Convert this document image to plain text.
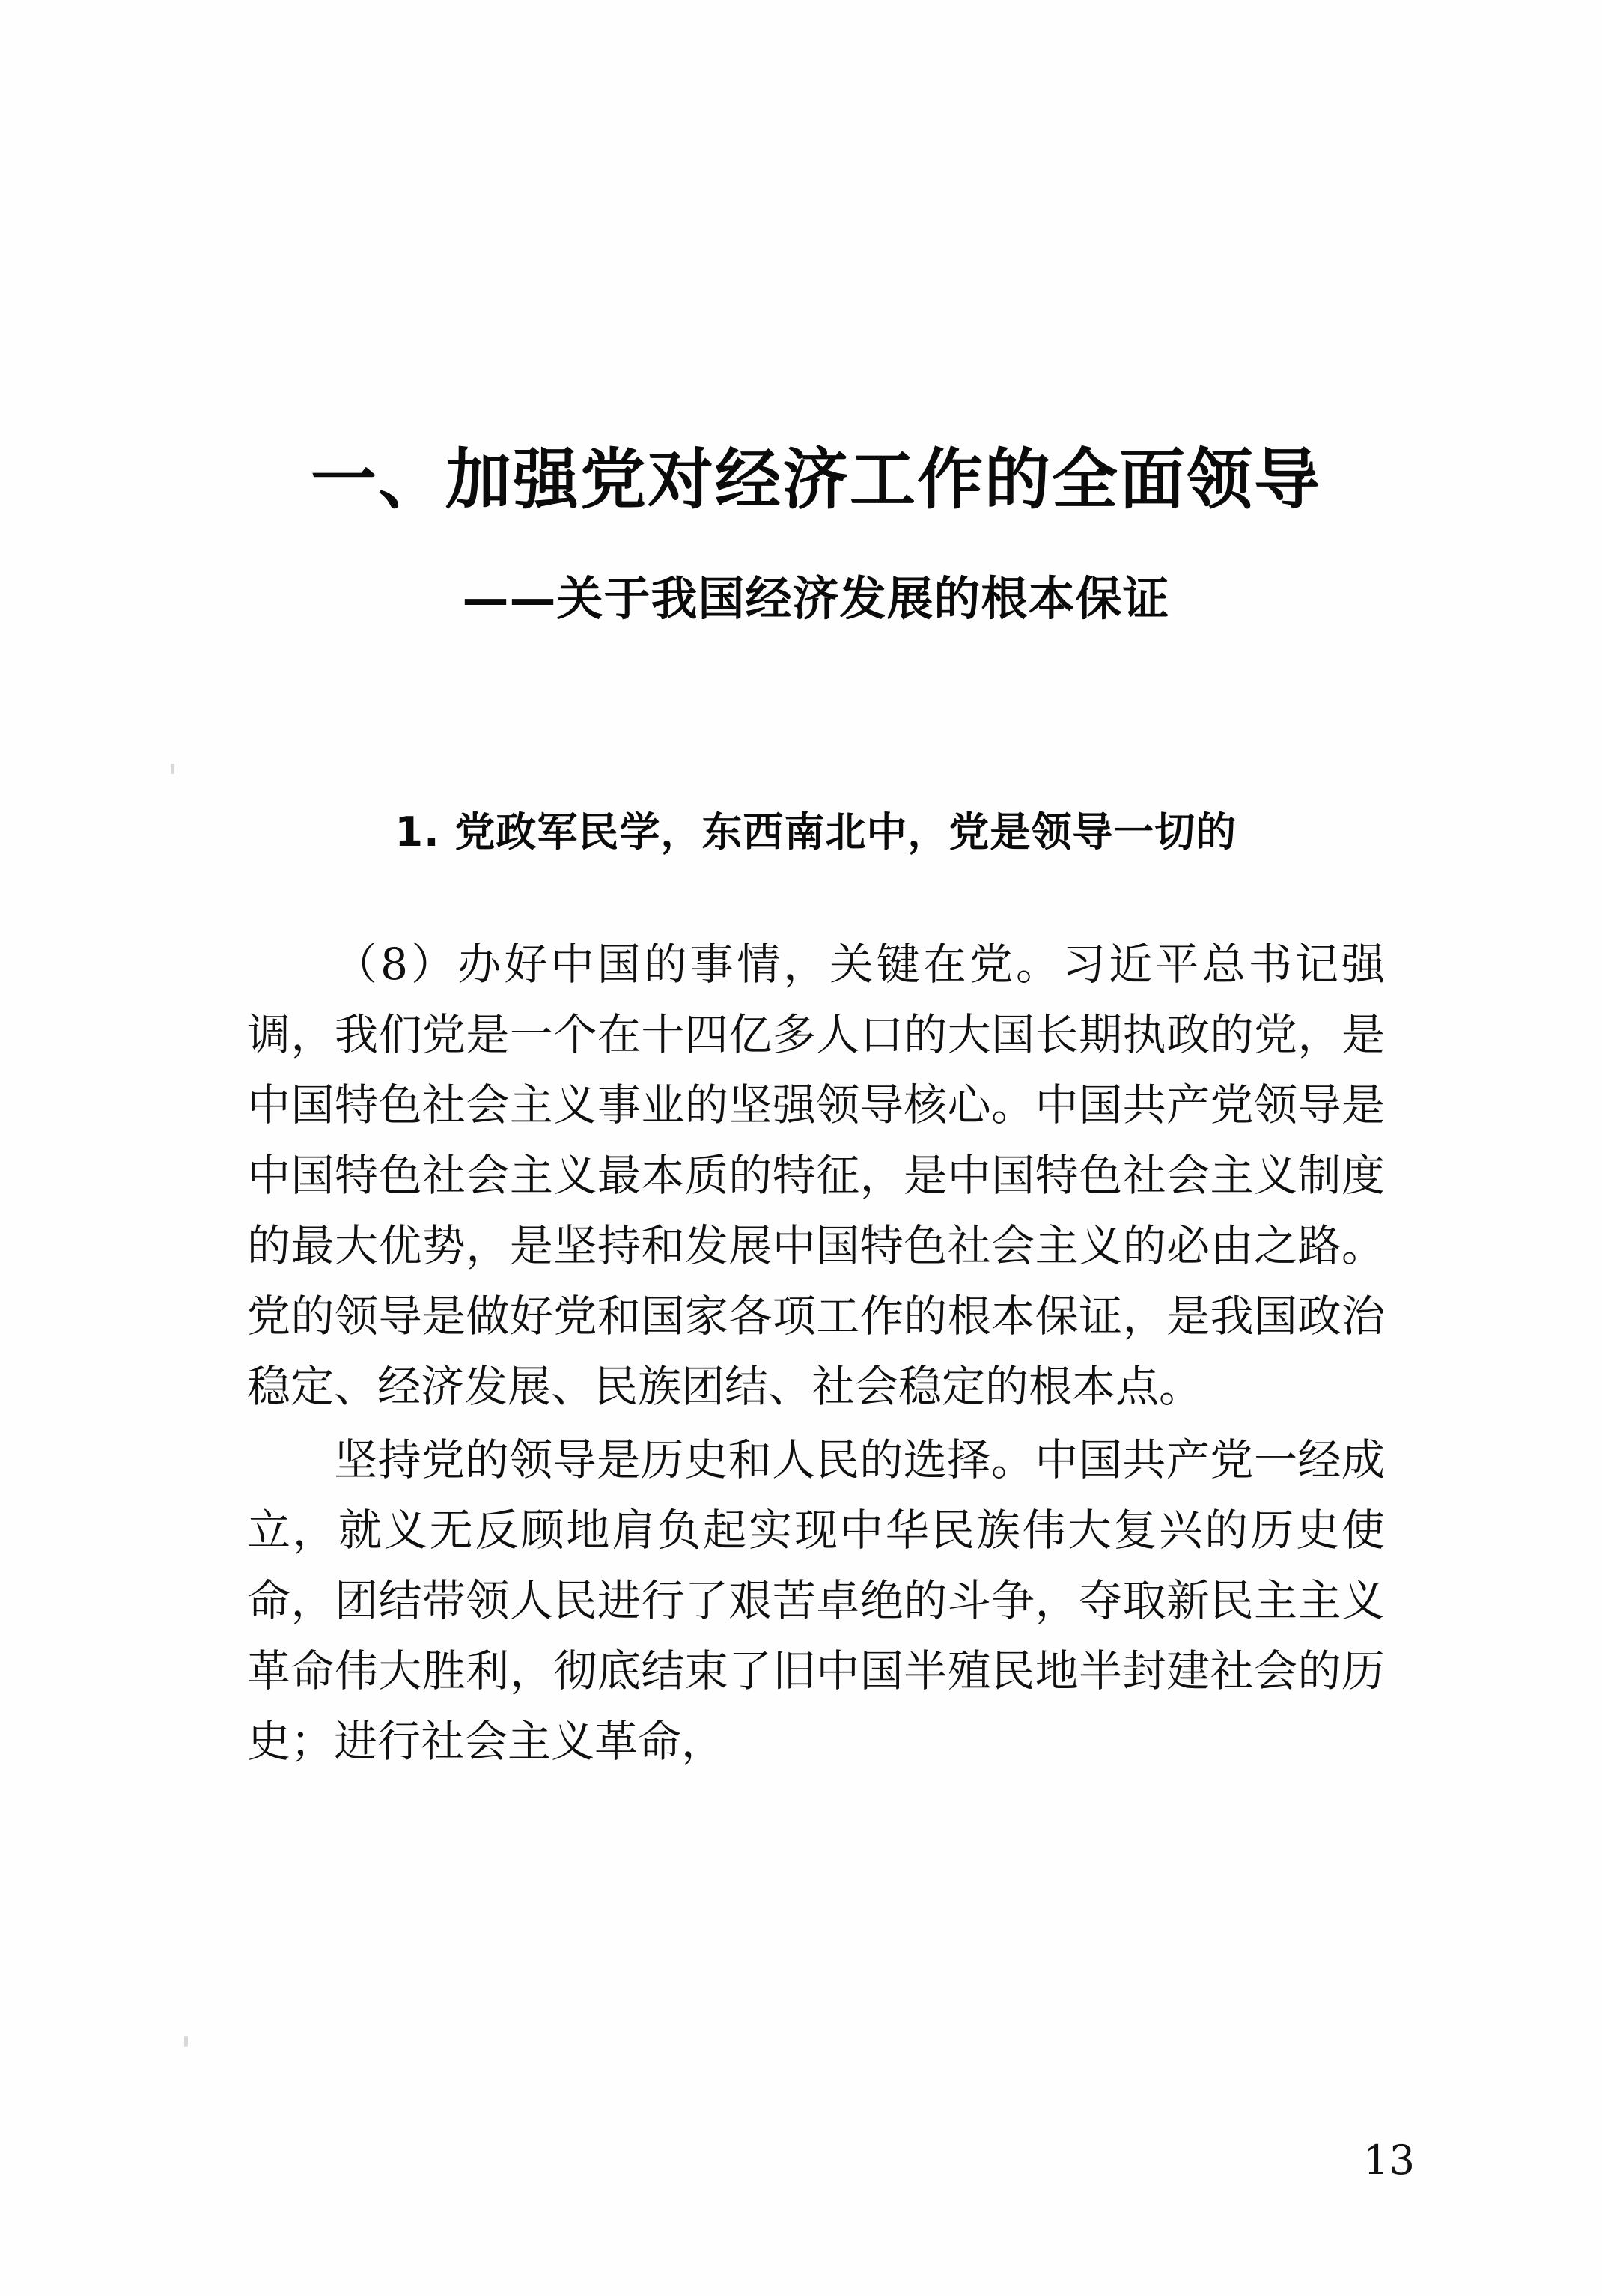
一、加强党对经济工作的全面领导
——关于我国经济发展的根本保证
1. 党政军民学，东西南北中，党是领导一切的

（8）办好中国的事情，关键在党。习近平总书记强调，我们党是一个在十四亿多人口的大国长期执政的党，是中国特色社会主义事业的坚强领导核心。中国共产党领导是中国特色社会主义最本质的特征，是中国特色社会主义制度的最大优势，是坚持和发展中国特色社会主义的必由之路。党的领导是做好党和国家各项工作的根本保证，是我国政治稳定、经济发展、民族团结、社会稳定的根本点。

坚持党的领导是历史和人民的选择。中国共产党一经成立，就义无反顾地肩负起实现中华民族伟大复兴的历史使命，团结带领人民进行了艰苦卓绝的斗争，夺取新民主主义革命伟大胜利，彻底结束了旧中国半殖民地半封建社会的历史；进行社会主义革命，

13
